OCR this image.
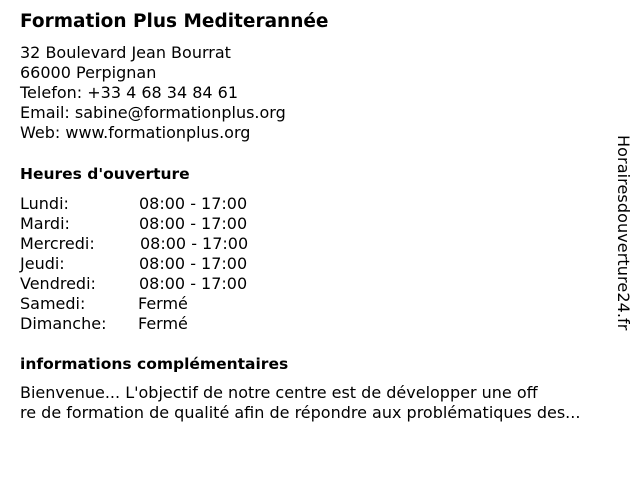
Formation Plus Mediterannée
32 Boulevard Jean Bourrat
66000 Perpignan
Telefon: +33 4 68 34 84 61
Email: sabine@formationplus.org
Web: www.formationplus.org
Heures d'ouverture
Lundi:	08:00 - 17:00
Mardi:	08:00 - 17:00
Mercredi:	08:00 - 17:00
Jeudi:	08:00 - 17:00
Vendredi:	08:00 - 17:00
Samedi:	Fermé
Dimanche: Fermé
informations complémentaires
Bienvenue... L'objectif de notre centre est de développer une off
re de formation de qualité afin de répondre aux problématiques des...
Horairesdouverture24.fr
